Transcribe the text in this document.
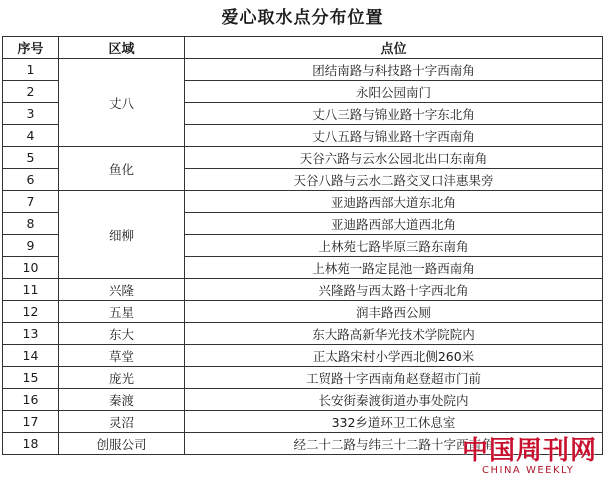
爱心取水点分布位置
序号	区域	点位
1	丈八	团结南路与科技路十字西南角
2		永阳公园南门
3		丈八三路与锦业路十字东北角
4		丈八五路与锦业路十字西南角
5	鱼化	天谷六路与云水公园北出口东南角
6		天谷八路与云水二路交叉口沣惠果旁
7	细柳	亚迪路西部大道东北角
8		亚迪路西部大道西北角
9		上林苑七路毕原三路东南角
10		上林苑一路定昆池一路西南角
11	兴隆	兴隆路与西太路十字西北角
12	五星	润丰路西公厕
13	东大	东大路高新华光技术学院院内
14	草堂	正太路宋村小学西北侧260米
15	庞光	工贸路十字西南角赵登超市门前
16	秦渡	长安街秦渡街道办事处院内
17	灵沼	332乡道环卫工休息室
18	创服公司	经二十二路与纬三十二路十字西南角
中国周刊网
CHINA WEEKLY
